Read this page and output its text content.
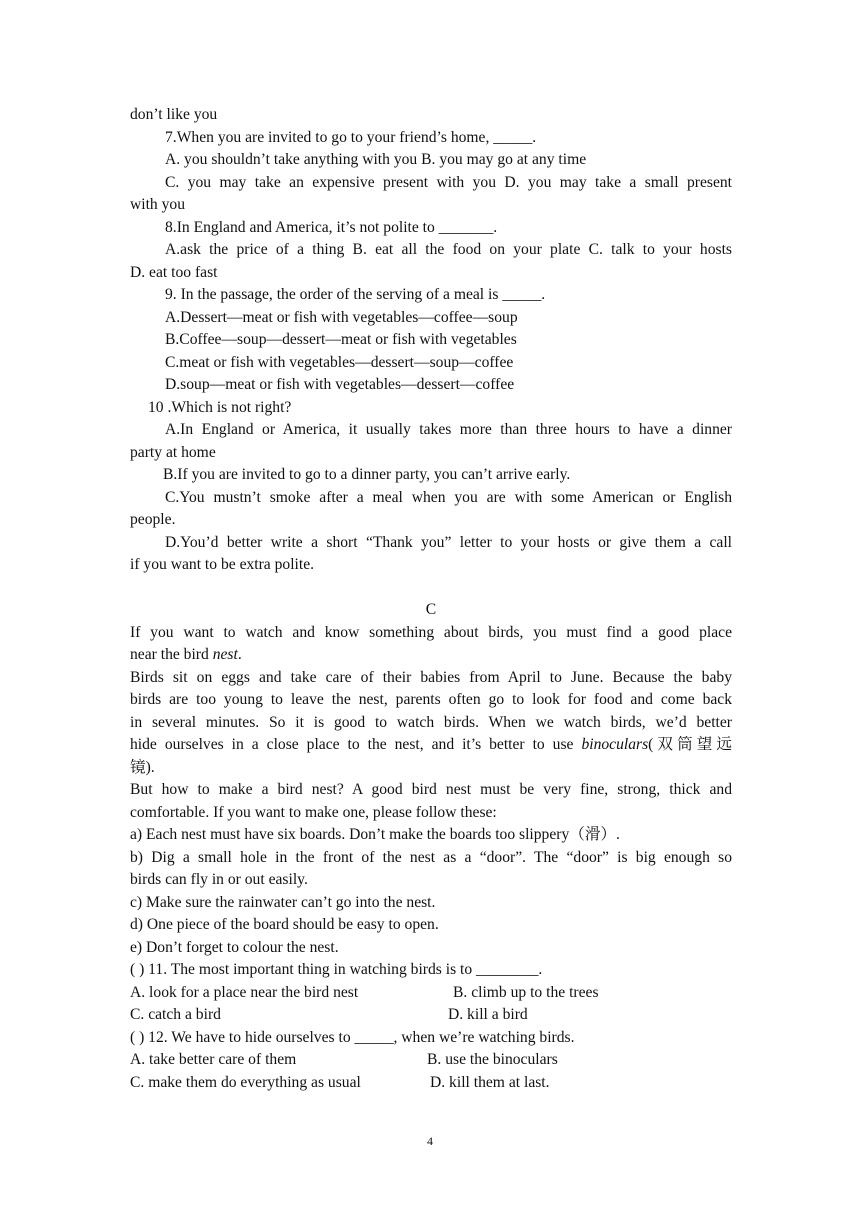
don’t like you
7.When you are invited to go to your friend’s home, _____.
A. you shouldn’t take anything with you B. you may go at any time
C. you may take an expensive present with you D. you may take a small present
with you
8.In England and America, it’s not polite to _______.
A.ask the price of a thing B. eat all the food on your plate C. talk to your hosts
D. eat too fast
9. In the passage, the order of the serving of a meal is _____.
A.Dessert—meat or fish with vegetables—coffee—soup
B.Coffee—soup—dessert—meat or fish with vegetables
C.meat or fish with vegetables—dessert—soup—coffee
D.soup—meat or fish with vegetables—dessert—coffee
10 .Which is not right?
A.In England or America, it usually takes more than three hours to have a dinner
party at home
B.If you are invited to go to a dinner party, you can’t arrive early.
C.You mustn’t smoke after a meal when you are with some American or English
people.
D.You’d better write a short “Thank you” letter to your hosts or give them a call
if you want to be extra polite.
C
If you want to watch and know something about birds, you must find a good place
near the bird nest.
Birds sit on eggs and take care of their babies from April to June. Because the baby
birds are too young to leave the nest, parents often go to look for food and come back
in several minutes. So it is good to watch birds. When we watch birds, we’d better
hide ourselves in a close place to the nest, and it’s better to use binoculars(双筒望远
镜).
But how to make a bird nest? A good bird nest must be very fine, strong, thick and
comfortable. If you want to make one, please follow these:
a) Each nest must have six boards. Don’t make the boards too slippery（滑）.
b) Dig a small hole in the front of the nest as a “door”. The “door” is big enough so
birds can fly in or out easily.
c) Make sure the rainwater can’t go into the nest.
d) One piece of the board should be easy to open.
e) Don’t forget to colour the nest.
( ) 11. The most important thing in watching birds is to ________.
A. look for a place near the bird nest	B. climb up to the trees
C. catch a bird	D. kill a bird
( ) 12. We have to hide ourselves to _____, when we’re watching birds.
A. take better care of them	B. use the binoculars
C. make them do everything as usual	D. kill them at last.
4
